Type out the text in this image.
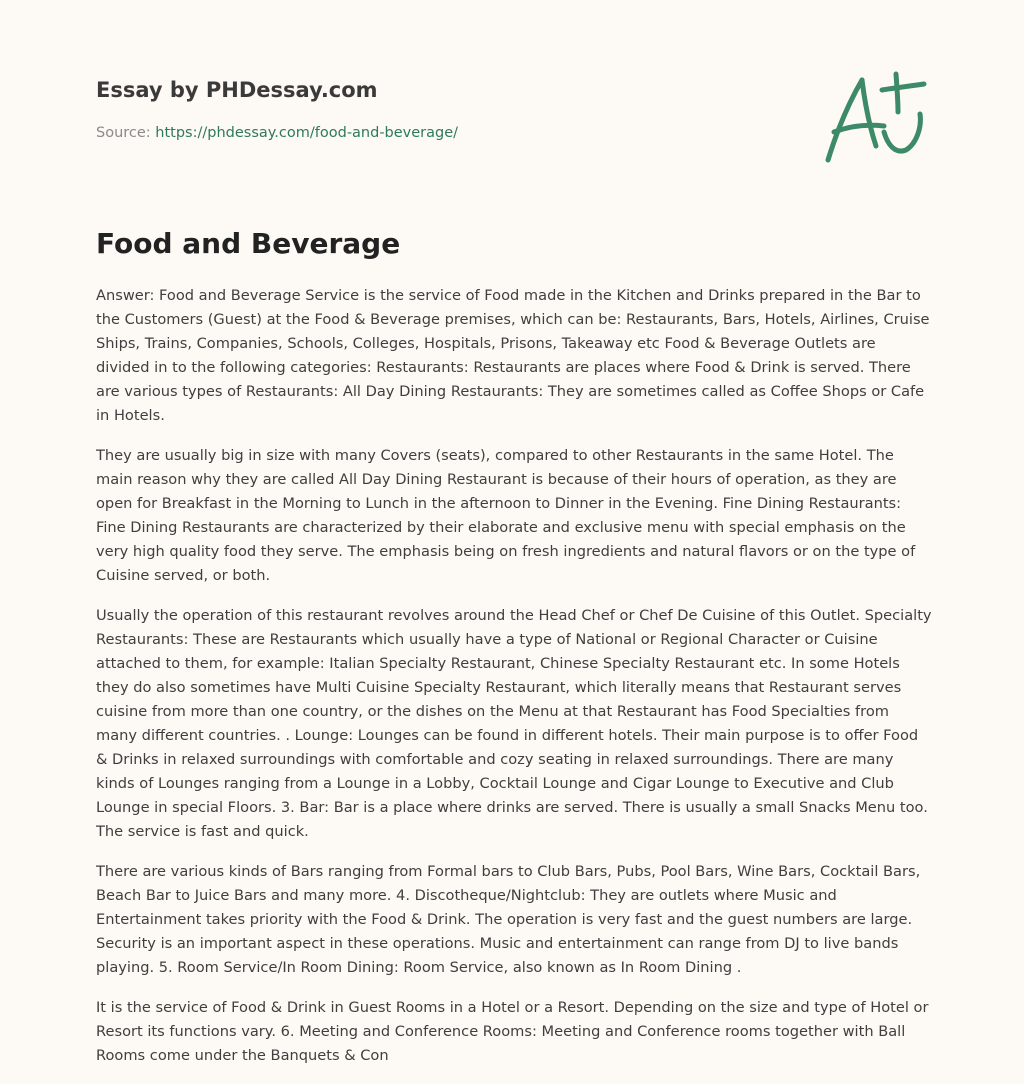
Essay by PHDessay.com
Source: https://phdessay.com/food-and-beverage/
Food and Beverage

Answer: Food and Beverage Service is the service of Food made in the Kitchen and Drinks prepared in the Bar to the Customers (Guest) at the Food & Beverage premises, which can be: Restaurants, Bars, Hotels, Airlines, Cruise Ships, Trains, Companies, Schools, Colleges, Hospitals, Prisons, Takeaway etc Food & Beverage Outlets are divided in to the following categories: Restaurants: Restaurants are places where Food & Drink is served. There are various types of Restaurants: All Day Dining Restaurants: They are sometimes called as Coffee Shops or Cafe in Hotels.

They are usually big in size with many Covers (seats), compared to other Restaurants in the same Hotel. The main reason why they are called All Day Dining Restaurant is because of their hours of operation, as they are open for Breakfast in the Morning to Lunch in the afternoon to Dinner in the Evening. Fine Dining Restaurants: Fine Dining Restaurants are characterized by their elaborate and exclusive menu with special emphasis on the very high quality food they serve. The emphasis being on fresh ingredients and natural flavors or on the type of Cuisine served, or both.

Usually the operation of this restaurant revolves around the Head Chef or Chef De Cuisine of this Outlet. Specialty Restaurants: These are Restaurants which usually have a type of National or Regional Character or Cuisine attached to them, for example: Italian Specialty Restaurant, Chinese Specialty Restaurant etc. In some Hotels they do also sometimes have Multi Cuisine Specialty Restaurant, which literally means that Restaurant serves cuisine from more than one country, or the dishes on the Menu at that Restaurant has Food Specialties from many different countries. . Lounge: Lounges can be found in different hotels. Their main purpose is to offer Food & Drinks in relaxed surroundings with comfortable and cozy seating in relaxed surroundings. There are many kinds of Lounges ranging from a Lounge in a Lobby, Cocktail Lounge and Cigar Lounge to Executive and Club Lounge in special Floors. 3. Bar: Bar is a place where drinks are served. There is usually a small Snacks Menu too. The service is fast and quick.

There are various kinds of Bars ranging from Formal bars to Club Bars, Pubs, Pool Bars, Wine Bars, Cocktail Bars, Beach Bar to Juice Bars and many more. 4. Discotheque/Nightclub: They are outlets where Music and Entertainment takes priority with the Food & Drink. The operation is very fast and the guest numbers are large. Security is an important aspect in these operations. Music and entertainment can range from DJ to live bands playing. 5. Room Service/In Room Dining: Room Service, also known as In Room Dining .

It is the service of Food & Drink in Guest Rooms in a Hotel or a Resort. Depending on the size and type of Hotel or Resort its functions vary. 6. Meeting and Conference Rooms: Meeting and Conference rooms together with Ball Rooms come under the Banquets & Con
